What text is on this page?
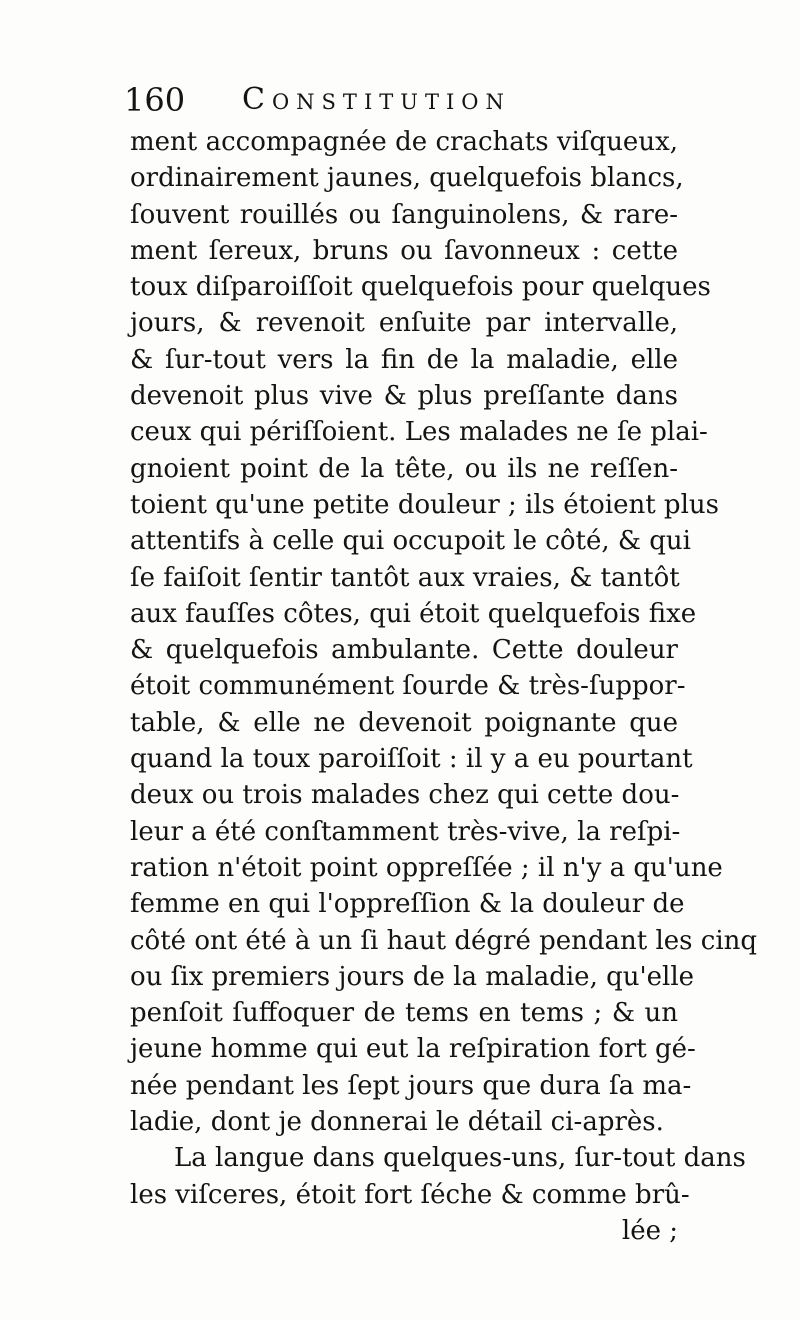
160 Constitution
ment accompagnée de crachats viſqueux,
ordinairement jaunes, quelquefois blancs,
ſouvent rouillés ou ſanguinolens, & rare-
ment ſereux, bruns ou ſavonneux : cette
toux diſparoiſſoit quelquefois pour quelques
jours, & revenoit enſuite par intervalle,
& ſur-tout vers la fin de la maladie, elle
devenoit plus vive & plus preſſante dans
ceux qui périſſoient. Les malades ne ſe plai-
gnoient point de la tête, ou ils ne reſſen-
toient qu'une petite douleur ; ils étoient plus
attentifs à celle qui occupoit le côté, & qui
ſe faiſoit ſentir tantôt aux vraies, & tantôt
aux fauſſes côtes, qui étoit quelquefois fixe
& quelquefois ambulante. Cette douleur
étoit communément ſourde & très-ſuppor-
table, & elle ne devenoit poignante que
quand la toux paroiſſoit : il y a eu pourtant
deux ou trois malades chez qui cette dou-
leur a été conſtamment très-vive, la reſpi-
ration n'étoit point oppreſſée ; il n'y a qu'une
femme en qui l'oppreſſion & la douleur de
côté ont été à un ſi haut dégré pendant les cinq
ou ſix premiers jours de la maladie, qu'elle
penſoit ſuffoquer de tems en tems ; & un
jeune homme qui eut la reſpiration fort gé-
née pendant les ſept jours que dura ſa ma-
ladie, dont je donnerai le détail ci-après.
La langue dans quelques-uns, ſur-tout dans
les viſceres, étoit fort ſéche & comme brû-
lée ;
